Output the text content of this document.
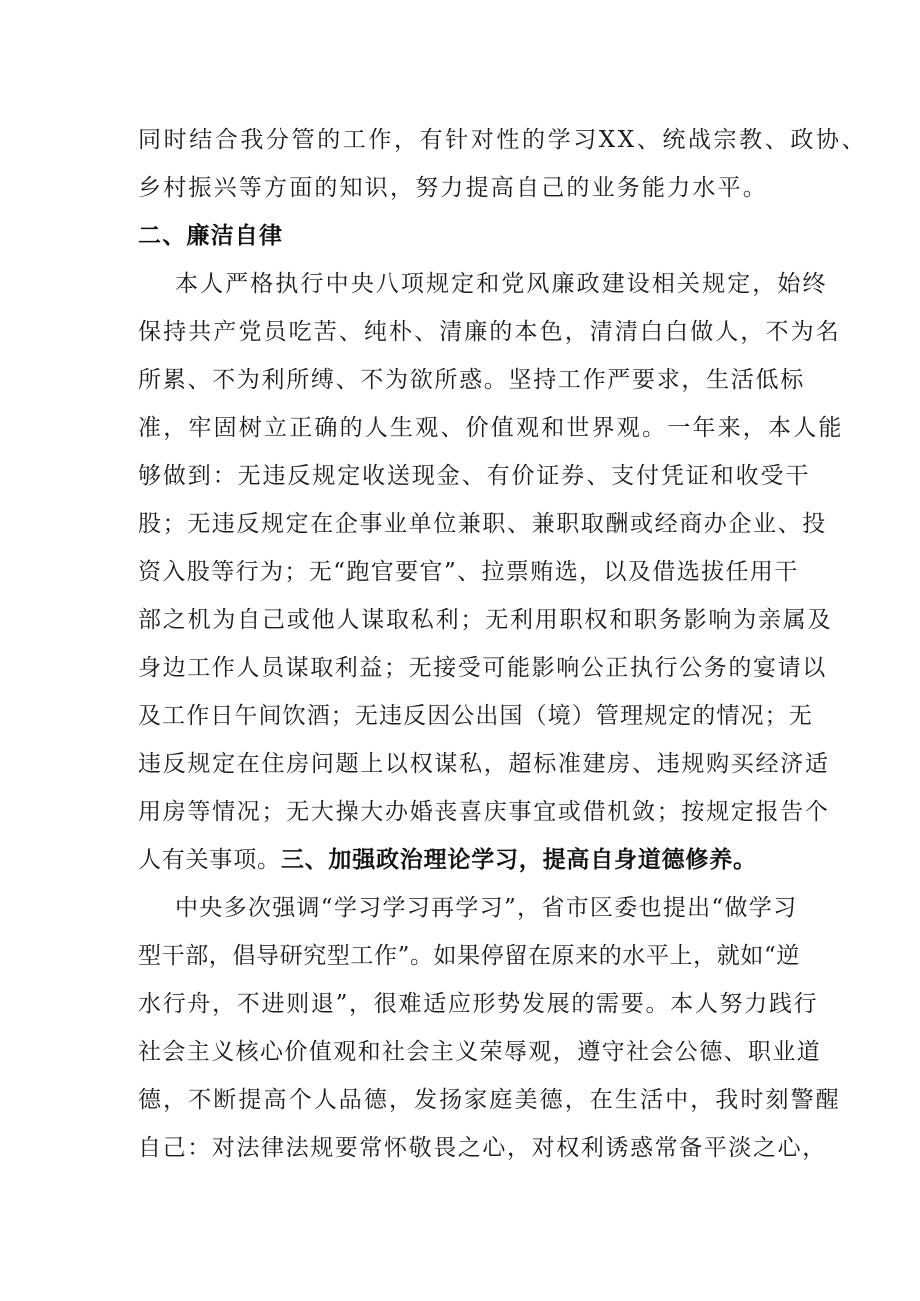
同时结合我分管的工作，有针对性的学习XX、统战宗教、政协、
乡村振兴等方面的知识，努力提高自己的业务能力水平。
二、廉洁自律
本人严格执行中央八项规定和党风廉政建设相关规定，始终
保持共产党员吃苦、纯朴、清廉的本色，清清白白做人，不为名
所累、不为利所缚、不为欲所惑。坚持工作严要求，生活低标
准，牢固树立正确的人生观、价值观和世界观。一年来，本人能
够做到：无违反规定收送现金、有价证券、支付凭证和收受干
股；无违反规定在企事业单位兼职、兼职取酬或经商办企业、投
资入股等行为；无“跑官要官”、拉票贿选，以及借选拔任用干
部之机为自己或他人谋取私利；无利用职权和职务影响为亲属及
身边工作人员谋取利益；无接受可能影响公正执行公务的宴请以
及工作日午间饮酒；无违反因公出国（境）管理规定的情况；无
违反规定在住房问题上以权谋私，超标准建房、违规购买经济适
用房等情况；无大操大办婚丧喜庆事宜或借机敛；按规定报告个
人有关事项。三、加强政治理论学习，提高自身道德修养。
中央多次强调“学习学习再学习”，省市区委也提出“做学习
型干部，倡导研究型工作”。如果停留在原来的水平上，就如“逆
水行舟，不进则退”，很难适应形势发展的需要。本人努力践行
社会主义核心价值观和社会主义荣辱观，遵守社会公德、职业道
德，不断提高个人品德，发扬家庭美德，在生活中，我时刻警醒
自己：对法律法规要常怀敬畏之心，对权利诱惑常备平淡之心，
